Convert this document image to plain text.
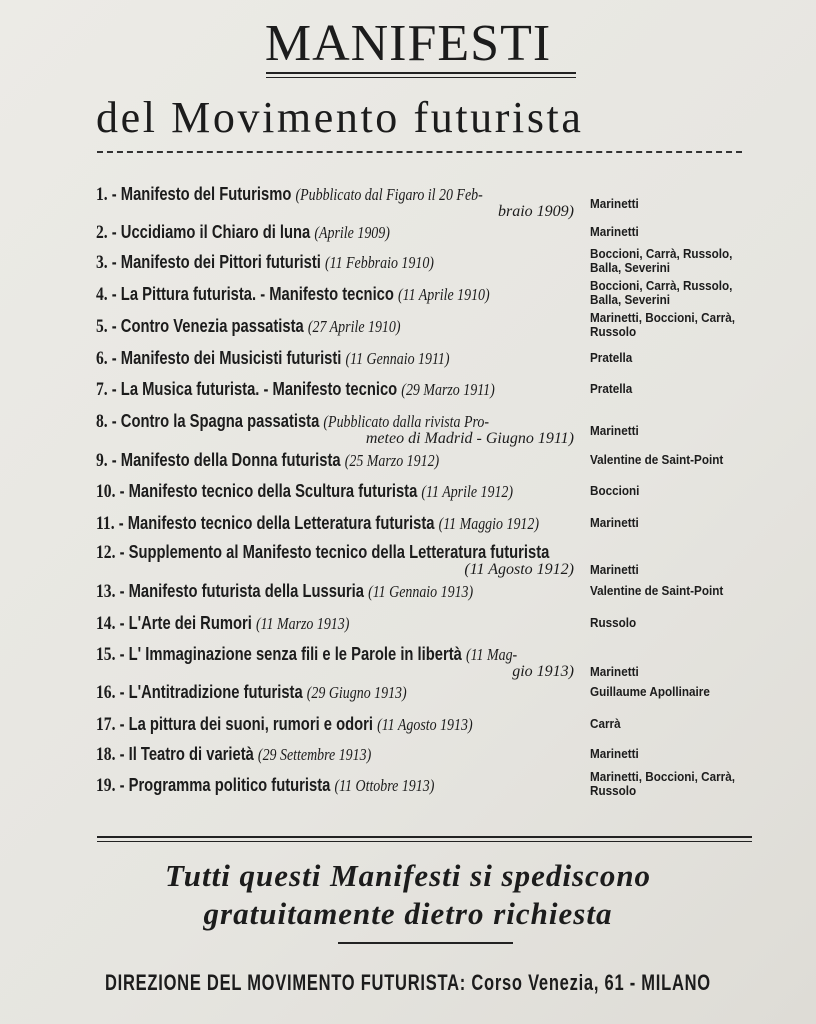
MANIFESTI
del Movimento futurista
1. - Manifesto del Futurismo (Pubblicato dal Figaro il 20 Feb-
braio 1909) Marinetti
2. - Uccidiamo il Chiaro di luna (Aprile 1909)	Marinetti
3. - Manifesto dei Pittori futuristi (11 Febbraio 1910)	Boccioni, Carrà, Russolo, Balla, Severini
4. - La Pittura futurista. - Manifesto tecnico (11 Aprile 1910)	Boccioni, Carrà, Russolo, Balla, Severini
5. - Contro Venezia passatista (27 Aprile 1910)	Marinetti, Boccioni, Carrà, Russolo
6. - Manifesto dei Musicisti futuristi (11 Gennaio 1911)	Pratella
7. - La Musica futurista. - Manifesto tecnico (29 Marzo 1911)	Pratella
8. - Contro la Spagna passatista (Pubblicato dalla rivista Pro-
meteo di Madrid - Giugno 1911) Marinetti
9. - Manifesto della Donna futurista (25 Marzo 1912)	Valentine de Saint-Point
10. - Manifesto tecnico della Scultura futurista (11 Aprile 1912)	Boccioni
11. - Manifesto tecnico della Letteratura futurista (11 Maggio 1912)	Marinetti
12. - Supplemento al Manifesto tecnico della Letteratura futurista
(11 Agosto 1912) Marinetti
13. - Manifesto futurista della Lussuria (11 Gennaio 1913)	Valentine de Saint-Point
14. - L'Arte dei Rumori (11 Marzo 1913)	Russolo
15. - L' Immaginazione senza fili e le Parole in libertà (11 Mag-
gio 1913) Marinetti
16. - L'Antitradizione futurista (29 Giugno 1913)	Guillaume Apollinaire
17. - La pittura dei suoni, rumori e odori (11 Agosto 1913)	Carrà
18. - Il Teatro di varietà (29 Settembre 1913)	Marinetti
19. - Programma politico futurista (11 Ottobre 1913)	Marinetti, Boccioni, Carrà, Russolo
Tutti questi Manifesti si spediscono
gratuitamente dietro richiesta
DIREZIONE DEL MOVIMENTO FUTURISTA: Corso Venezia, 61 - MILANO
